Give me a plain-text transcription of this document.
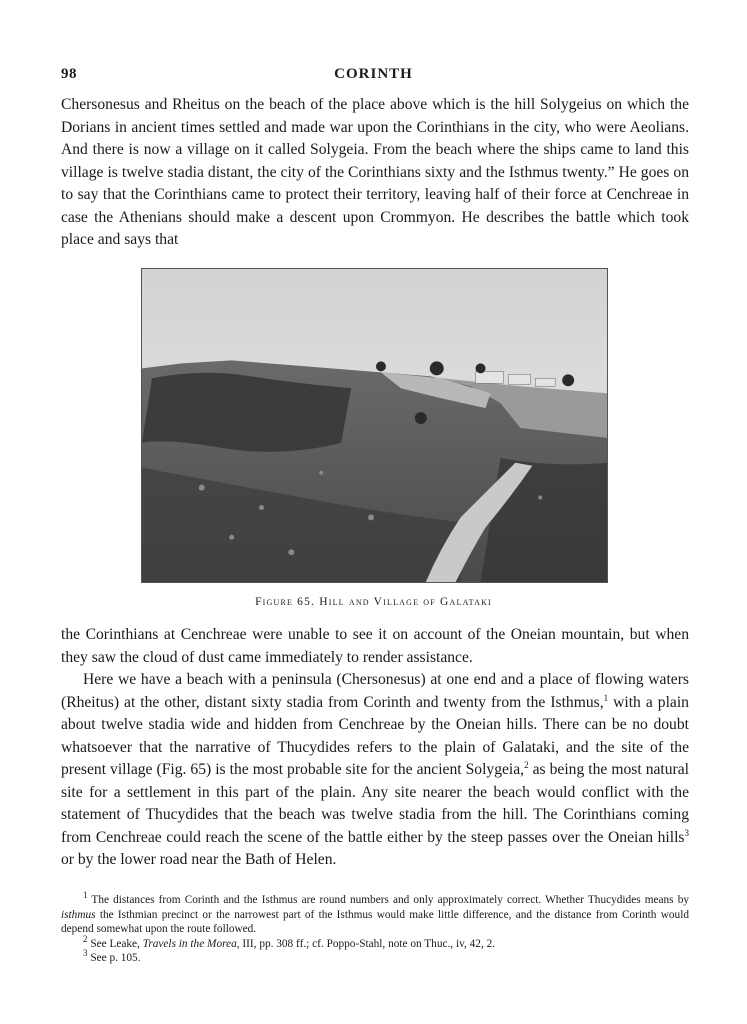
98	CORINTH

Chersonesus and Rheitus on the beach of the place above which is the hill Solygeius on which the Dorians in ancient times settled and made war upon the Corinthians in the city, who were Aeolians. And there is now a village on it called Solygeia. From the beach where the ships came to land this village is twelve stadia distant, the city of the Corinthians sixty and the Isthmus twenty.” He goes on to say that the Corinthians came to protect their territory, leaving half of their force at Cenchreae in case the Athenians should make a descent upon Crommyon. He describes the battle which took place and says that

Figure 65. Hill and Village of Galataki

the Corinthians at Cenchreae were unable to see it on account of the Oneian mountain, but when they saw the cloud of dust came immediately to render assistance.

Here we have a beach with a peninsula (Chersonesus) at one end and a place of flowing waters (Rheitus) at the other, distant sixty stadia from Corinth and twenty from the Isthmus,$^1$ with a plain about twelve stadia wide and hidden from Cenchreae by the Oneian hills. There can be no doubt whatsoever that the narrative of Thucydides refers to the plain of Galataki, and the site of the present village (Fig. 65) is the most probable site for the ancient Solygeia,$^2$ as being the most natural site for a settlement in this part of the plain. Any site nearer the beach would conflict with the statement of Thucydides that the beach was twelve stadia from the hill. The Corinthians coming from Cenchreae could reach the scene of the battle either by the steep passes over the Oneian hills$^3$ or by the lower road near the Bath of Helen.

$^1$ The distances from Corinth and the Isthmus are round numbers and only approximately correct. Whether Thucydides means by isthmus the Isthmian precinct or the narrowest part of the Isthmus would make little difference, and the distance from Corinth would depend somewhat upon the route followed.

$^2$ See Leake, Travels in the Morea, III, pp. 308 ff.; cf. Poppo-Stahl, note on Thuc., iv, 42, 2.

$^3$ See p. 105.
